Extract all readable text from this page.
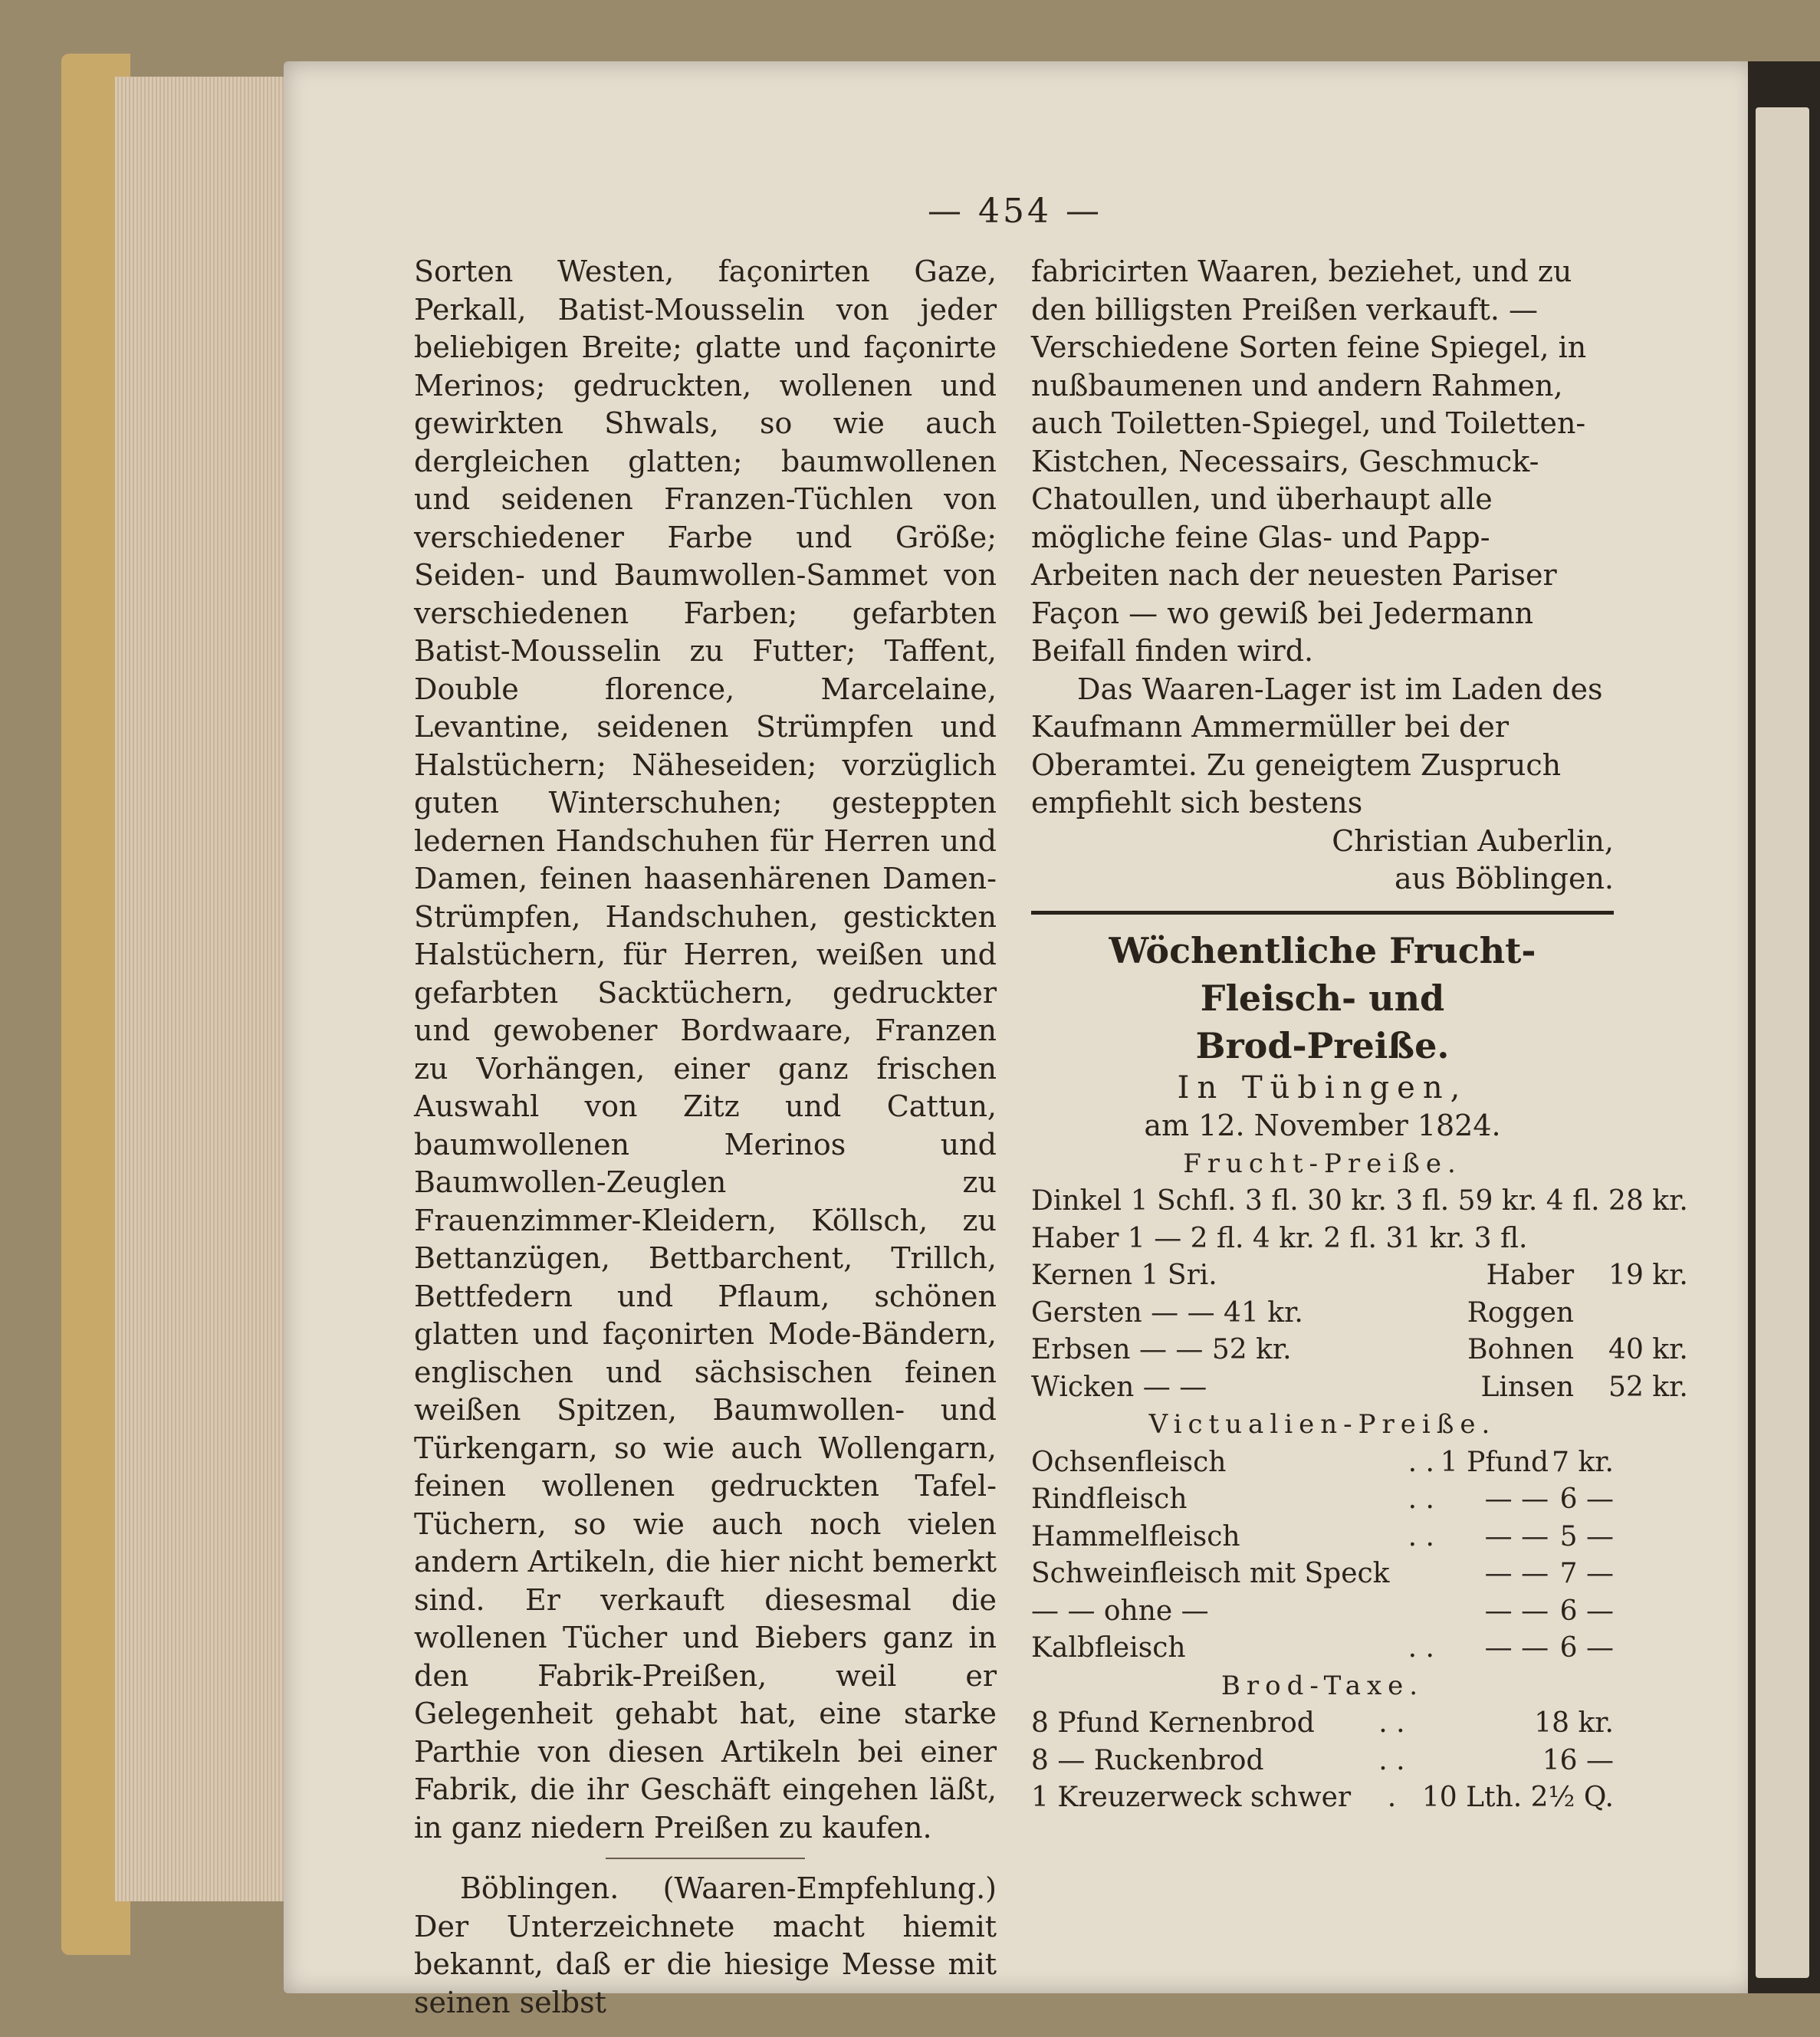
— 454 —

Sorten Westen, façonirten Gaze, Perkall, Batist-Mousselin von jeder beliebigen Breite; glatte und façonirte Merinos; gedruckten, wollenen und gewirkten Shwals, so wie auch dergleichen glatten; baumwollenen und seidenen Franzen-Tüchlen von verschiedener Farbe und Größe; Seiden- und Baumwollen-Sammet von verschiedenen Farben; gefarbten Batist-Mousselin zu Futter; Taffent, Double florence, Marcelaine, Levantine, seidenen Strümpfen und Halstüchern; Näheseiden; vorzüglich guten Winterschuhen; gesteppten ledernen Handschuhen für Herren und Damen, feinen haasenhärenen Damen-Strümpfen, Handschuhen, gestickten Halstüchern, für Herren, weißen und gefarbten Sacktüchern, gedruckter und gewobener Bordwaare, Franzen zu Vorhängen, einer ganz frischen Auswahl von Zitz und Cattun, baumwollenen Merinos und Baumwollen-Zeuglen zu Frauenzimmer-Kleidern, Köllsch, zu Bettanzügen, Bettbarchent, Trillch, Bettfedern und Pflaum, schönen glatten und façonirten Mode-Bändern, englischen und sächsischen feinen weißen Spitzen, Baumwollen- und Türkengarn, so wie auch Wollengarn, feinen wollenen gedruckten Tafel-Tüchern, so wie auch noch vielen andern Artikeln, die hier nicht bemerkt sind. Er verkauft diesesmal die wollenen Tücher und Biebers ganz in den Fabrik-Preißen, weil er Gelegenheit gehabt hat, eine starke Parthie von diesen Artikeln bei einer Fabrik, die ihr Geschäft eingehen läßt, in ganz niedern Preißen zu kaufen.

Böblingen. (Waaren-Empfehlung.) Der Unterzeichnete macht hiemit bekannt, daß er die hiesige Messe mit seinen selbst

fabricirten Waaren, beziehet, und zu den billigsten Preißen verkauft. — Verschiedene Sorten feine Spiegel, in nußbaumenen und andern Rahmen, auch Toiletten-Spiegel, und Toiletten-Kistchen, Necessairs, Geschmuck-Chatoullen, und überhaupt alle mögliche feine Glas- und Papp-Arbeiten nach der neuesten Pariser Façon — wo gewiß bei Jedermann Beifall finden wird.

Das Waaren-Lager ist im Laden des Kaufmann Ammermüller bei der Oberamtei. Zu geneigtem Zuspruch empfiehlt sich bestens

Christian Auberlin,

aus Böblingen.

Wöchentliche Frucht- Fleisch- und

Brod-Preiße.

In Tübingen,

am 12. November 1824.

Frucht-Preiße.

Dinkel 1 Schfl. 3 fl. 30 kr. 3 fl. 59 kr. 4 fl. 28 kr.		
Haber 1 — 2 fl. 4 kr. 2 fl. 31 kr. 3 fl.		
Kernen 1 Sri.	Haber	19 kr.
Gersten — — 41 kr.	Roggen	
Erbsen — — 52 kr.	Bohnen	40 kr.
Wicken — —	Linsen	52 kr.

Victualien-Preiße.

Ochsenfleisch	. .	1 Pfund	7 kr.
Rindfleisch	. .	— —	6 —
Hammelfleisch	. .	— —	5 —
Schweinfleisch mit Speck		— —	7 —
— — ohne —		— —	6 —
Kalbfleisch	. .	— —	6 —

Brod-Taxe.

8 Pfund Kernenbrod	. .	18 kr.
8 — Ruckenbrod	. .	16 —
1 Kreuzerweck schwer	.	10 Lth. 2½ Q.
